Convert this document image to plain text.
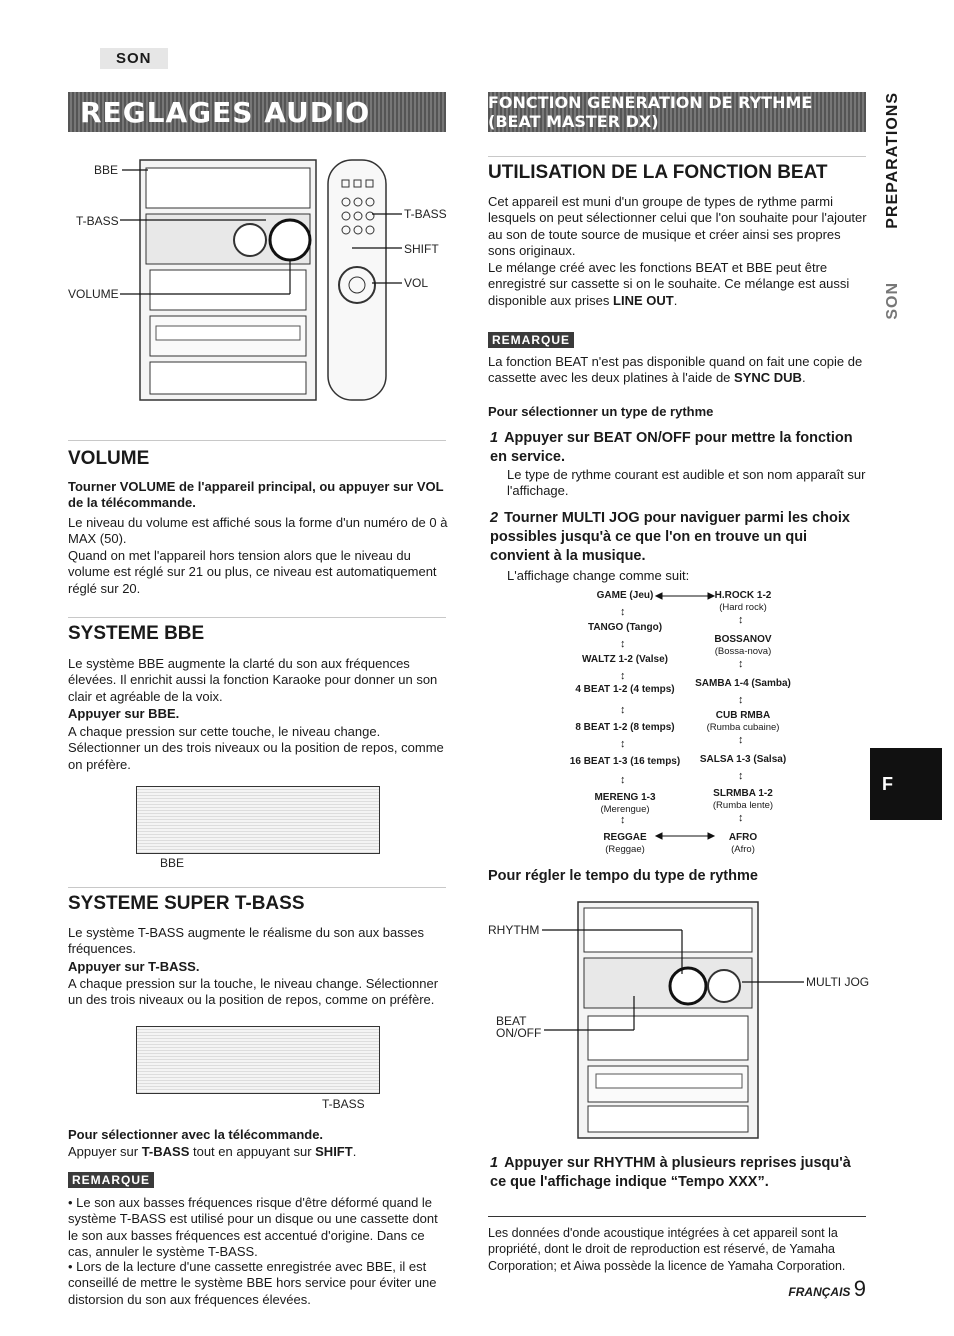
SON
REGLAGES AUDIO	FONCTION GENERATION DE RYTHME (BEAT MASTER DX)	PREPARATIONS
SON
F
BBE
T-BASS
VOLUME
T-BASS
SHIFT
VOL
VOLUME

Tourner VOLUME de l'appareil principal, ou appuyer sur VOL de la télécommande.

Le niveau du volume est affiché sous la forme d'un numéro de 0 à MAX (50).

Quand on met l'appareil hors tension alors que le niveau du volume est réglé sur 21 ou plus, ce niveau est automatiquement réglé sur 20.

SYSTEME BBE

Le système BBE augmente la clarté du son aux fréquences élevées. Il enrichit aussi la fonction Karaoke pour donner un son clair et agréable de la voix.

Appuyer sur BBE.

A chaque pression sur cette touche, le niveau change. Sélectionner un des trois niveaux ou la position de repos, comme on préfère.

BBE
SYSTEME SUPER T-BASS

Le système T-BASS augmente le réalisme du son aux basses fréquences.

Appuyer sur T-BASS.

A chaque pression sur la touche, le niveau change. Sélectionner un des trois niveaux ou la position de repos, comme on préfère.

T-BASS
Pour sélectionner avec la télécommande.

Appuyer sur T-BASS tout en appuyant sur SHIFT.

REMARQUE

• Le son aux basses fréquences risque d'être déformé quand le système T-BASS est utilisé pour un disque ou une cassette dont le son aux basses fréquences est accentué d'origine. Dans ce cas, annuler le système T-BASS.

• Lors de la lecture d'une cassette enregistrée avec BBE, il est conseillé de mettre le système BBE hors service pour éviter une distorsion du son aux fréquences élevées.

UTILISATION DE LA FONCTION BEAT

Cet appareil est muni d'un groupe de types de rythme parmi lesquels on peut sélectionner celui que l'on souhaite pour l'ajouter au son de toute source de musique et créer ainsi ses propres sons originaux.

Le mélange créé avec les fonctions BEAT et BBE peut être enregistré sur cassette si on le souhaite. Ce mélange est aussi disponible aux prises LINE OUT.

REMARQUE

La fonction BEAT n'est pas disponible quand on fait une copie de cassette avec les deux platines à l'aide de SYNC DUB.

Pour sélectionner un type de rythme
1 Appuyer sur BEAT ON/OFF pour mettre la fonction en service.

Le type de rythme courant est audible et son nom apparaît sur l'affichage.

2 Tourner MULTI JOG pour naviguer parmi les choix possibles jusqu'à ce que l'on en trouve un qui convient à la musique.

L'affichage change comme suit:

GAME (Jeu)
TANGO (Tango)
WALTZ 1-2 (Valse)
4 BEAT 1-2 (4 temps)
8 BEAT 1-2 (8 temps)
16 BEAT 1-3 (16 temps)
MERENG 1-3
(Merengue)
REGGAE
(Reggae)
H.ROCK 1-2
(Hard rock)
BOSSANOV
(Bossa-nova)
SAMBA 1-4 (Samba)
CUB RMBA
(Rumba cubaine)
SALSA 1-3 (Salsa)
SLRMBA 1-2
(Rumba lente)
AFRO
(Afro)
↕
↕
↕
↕
↕
↕
↕
↕
↕
↕
↕
↕
↕
Pour régler le tempo du type de rythme
RHYTHM
BEAT
ON/OFF
MULTI JOG
1 Appuyer sur RHYTHM à plusieurs reprises jusqu'à ce que l'affichage indique “Tempo XXX”.

Les données d'onde acoustique intégrées à cet appareil sont la propriété, dont le droit de reproduction est réservé, de Yamaha Corporation; et Aiwa possède la licence de Yamaha Corporation.

FRANÇAIS 9
